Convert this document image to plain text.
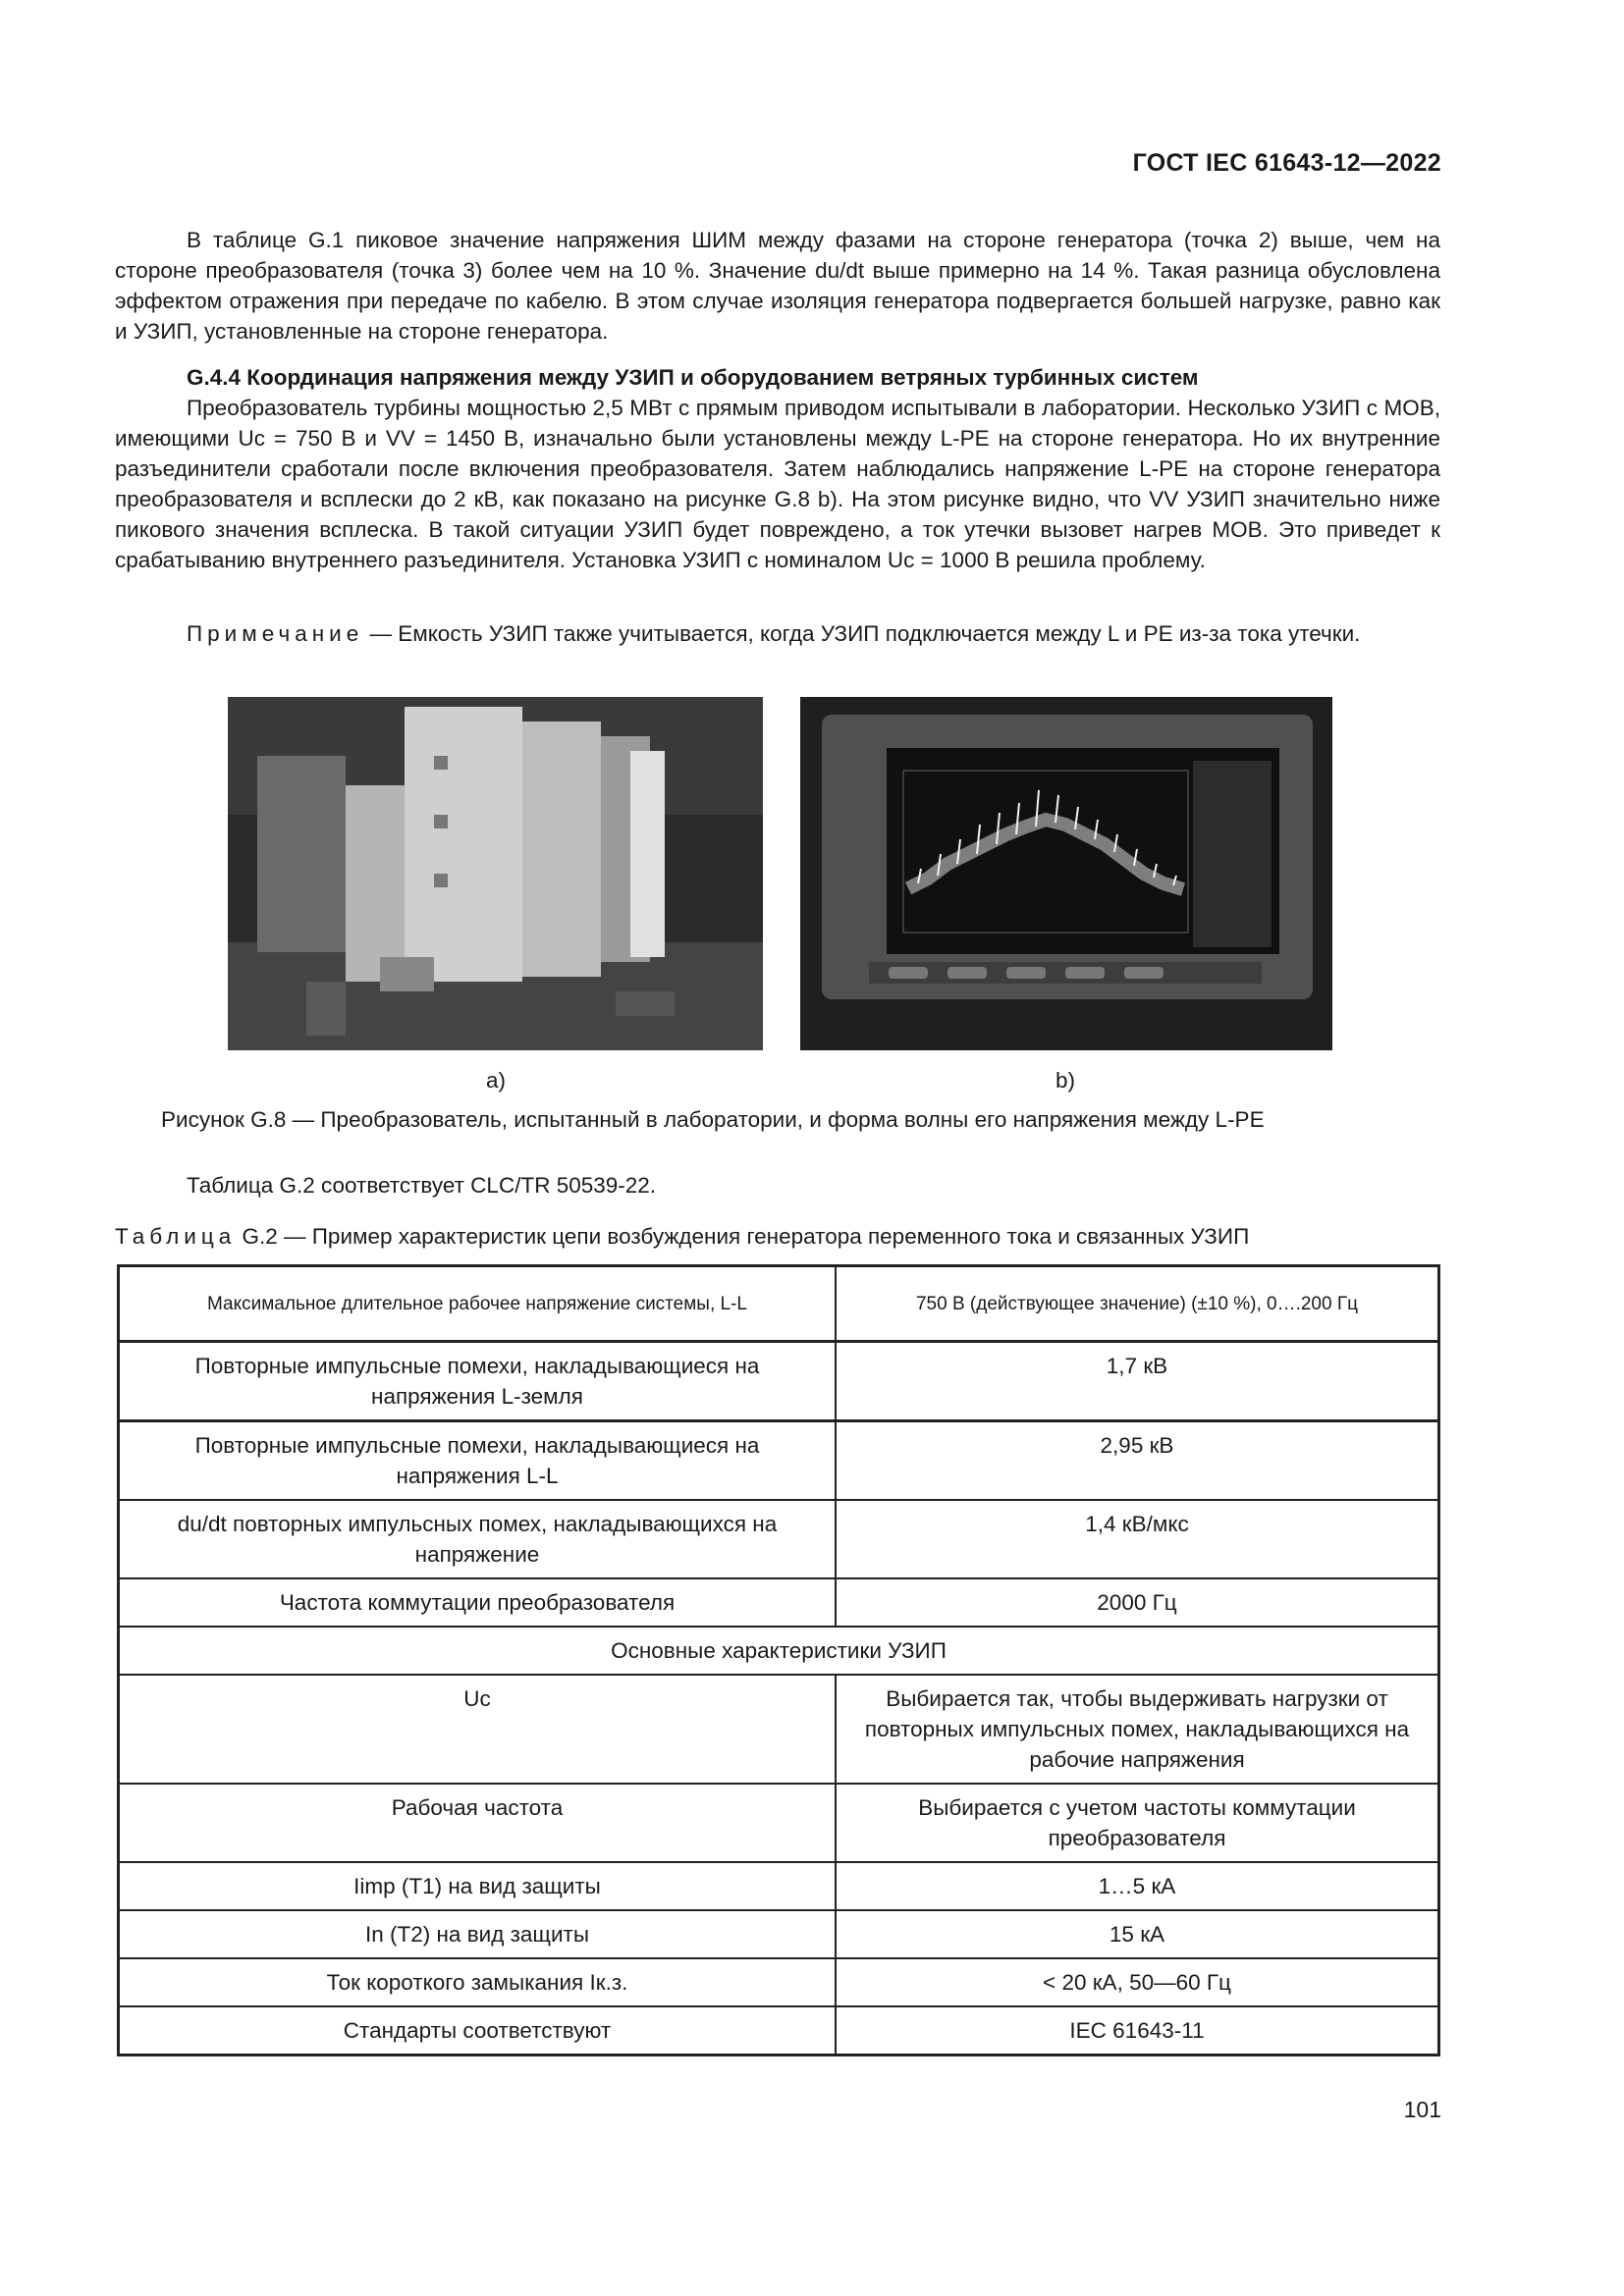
ГОСТ IEC 61643-12—2022

В таблице G.1 пиковое значение напряжения ШИМ между фазами на стороне генератора (точка 2) выше, чем на стороне преобразователя (точка 3) более чем на 10 %. Значение du/dt выше примерно на 14 %. Такая разница обусловлена эффектом отражения при передаче по кабелю. В этом случае изоляция генератора подвергается большей нагрузке, равно как и УЗИП, установленные на стороне генератора.

G.4.4 Координация напряжения между УЗИП и оборудованием ветряных турбинных систем

Преобразователь турбины мощностью 2,5 МВт с прямым приводом испытывали в лаборатории. Несколько УЗИП с МОВ, имеющими Uc = 750 В и VV = 1450 В, изначально были установлены между L-PE на стороне генератора. Но их внутренние разъединители сработали после включения преобразователя. Затем наблюдались напряжение L-PE на стороне генератора преобразователя и всплески до 2 кВ, как показано на рисунке G.8 b). На этом рисунке видно, что VV УЗИП значительно ниже пикового значения всплеска. В такой ситуации УЗИП будет повреждено, а ток утечки вызовет нагрев МОВ. Это приведет к срабатыванию внутреннего разъединителя. Установка УЗИП с номиналом Uc = 1000 В решила проблему.

Примечание — Емкость УЗИП также учитывается, когда УЗИП подключается между L и PE из-за тока утечки.

а)	b)
Рисунок G.8 — Преобразователь, испытанный в лаборатории, и форма волны его напряжения между L-PE
Таблица G.2 соответствует CLC/TR 50539-22.
Таблица G.2 — Пример характеристик цепи возбуждения генератора переменного тока и связанных УЗИП
Максимальное длительное рабочее напряжение системы, L-L	750 В (действующее значение) (±10 %), 0….200 Гц
Повторные импульсные помехи, накладывающиеся на напряжения L-земля	1,7 кВ
Повторные импульсные помехи, накладывающиеся на напряжения L-L	2,95 кВ
du/dt повторных импульсных помех, накладывающихся на напряжение	1,4 кВ/мкс
Частота коммутации преобразователя	2000 Гц
Основные характеристики УЗИП	
Uc	Выбирается так, чтобы выдерживать нагрузки от повторных импульсных помех, накладывающихся на рабочие напряжения
Рабочая частота	Выбирается с учетом частоты коммутации преобразователя
Iimp (T1) на вид защиты	1…5 кА
In (T2) на вид защиты	15 кА
Ток короткого замыкания Iк.з.	< 20 кА, 50—60 Гц
Стандарты соответствуют	IEC 61643-11
101
